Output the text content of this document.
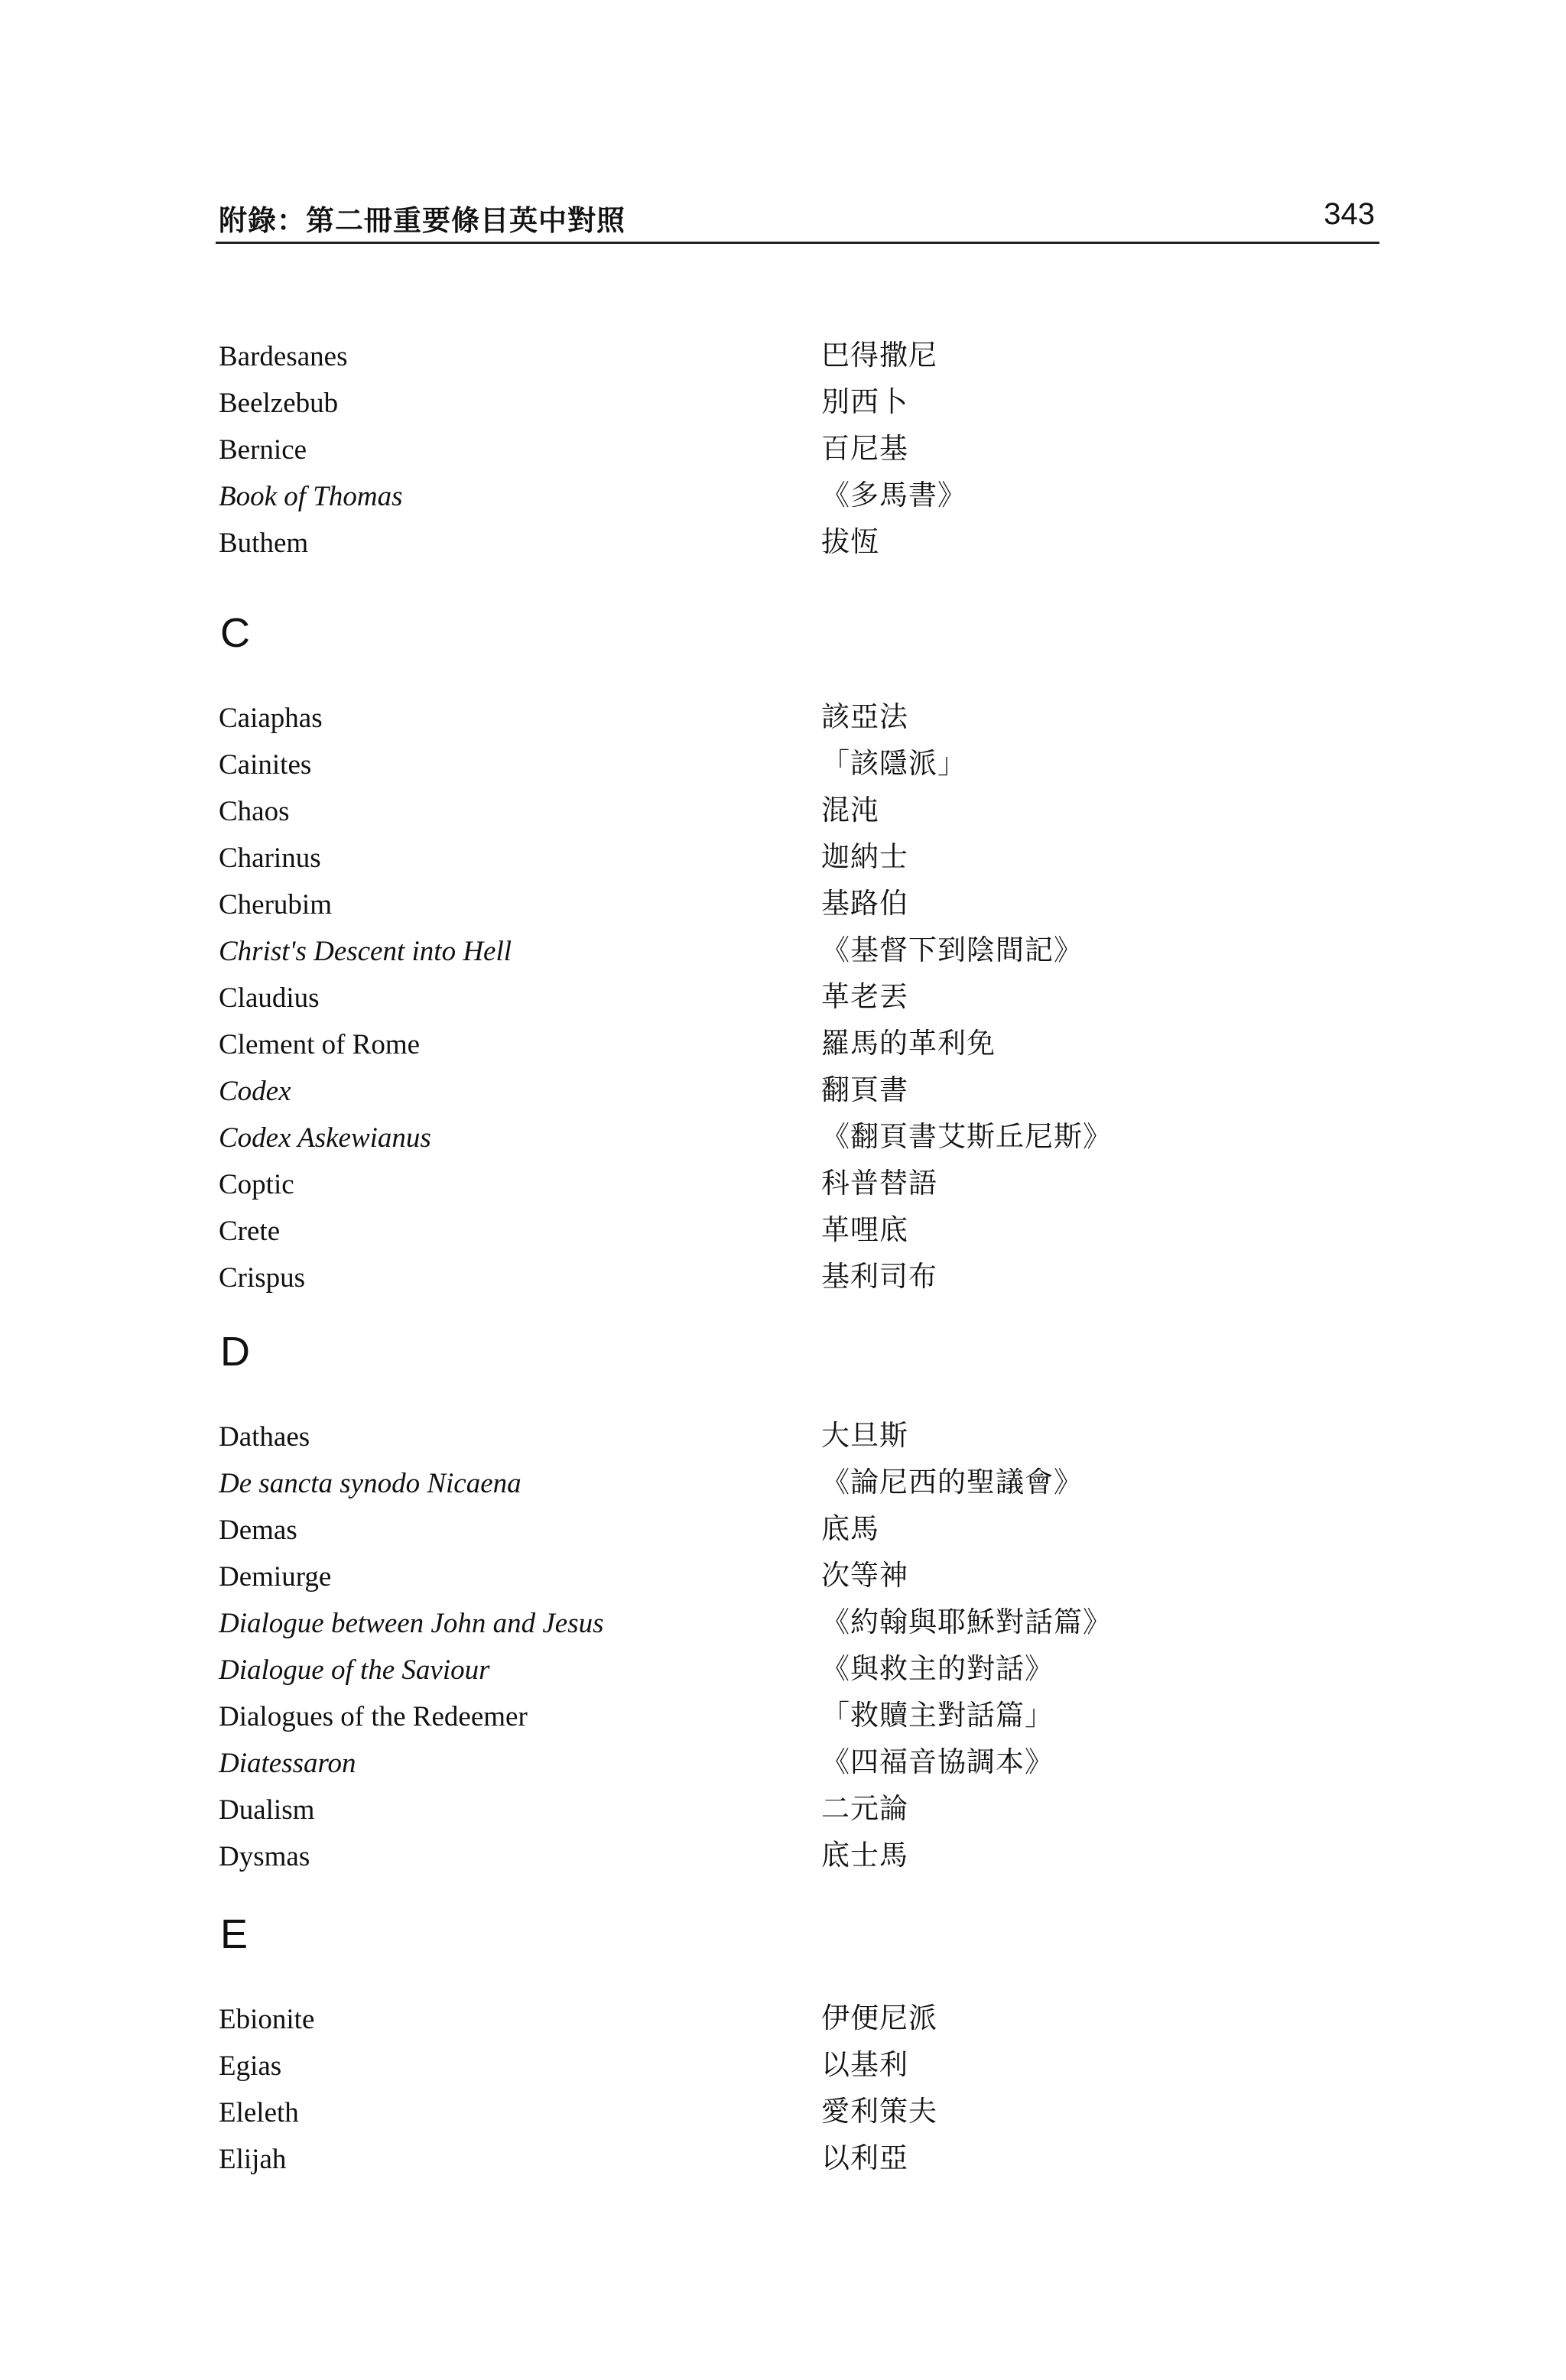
附錄：第二冊重要條目英中對照	343
Bardesanes	巴得撒尼
Beelzebub	別西卜
Bernice	百尼基
Book of Thomas	《多馬書》
Buthem	拔恆
C
Caiaphas	該亞法
Cainites	「該隱派」
Chaos	混沌
Charinus	迦納士
Cherubim	基路伯
Christ's Descent into Hell	《基督下到陰間記》
Claudius	革老丟
Clement of Rome	羅馬的革利免
Codex	翻頁書
Codex Askewianus	《翻頁書艾斯丘尼斯》
Coptic	科普替語
Crete	革哩底
Crispus	基利司布
D
Dathaes	大旦斯
De sancta synodo Nicaena	《論尼西的聖議會》
Demas	底馬
Demiurge	次等神
Dialogue between John and Jesus	《約翰與耶穌對話篇》
Dialogue of the Saviour	《與救主的對話》
Dialogues of the Redeemer	「救贖主對話篇」
Diatessaron	《四福音協調本》
Dualism	二元論
Dysmas	底士馬
E
Ebionite	伊便尼派
Egias	以基利
Eleleth	愛利策夫
Elijah	以利亞
